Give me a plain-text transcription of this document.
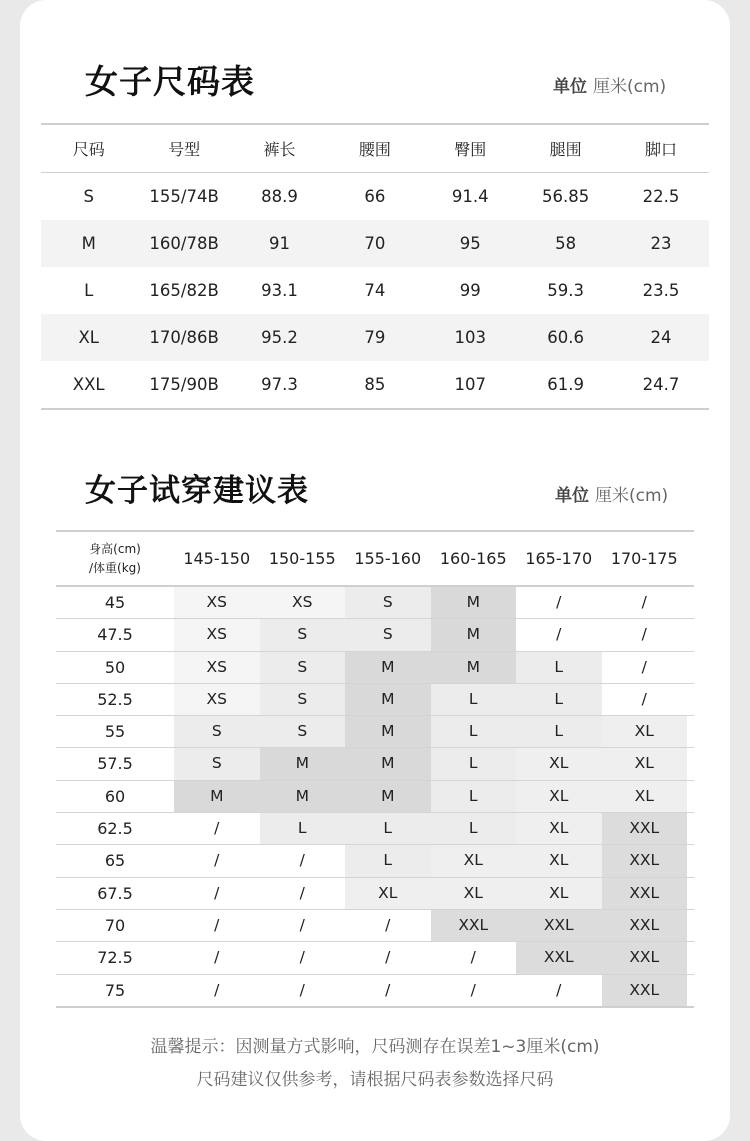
女子尺码表	单位 厘米(cm)
尺码	号型	裤长	腰围	臀围	腿围	脚口
S	155/74B	88.9	66	91.4	56.85	22.5
M	160/78B	91	70	95	58	23
L	165/82B	93.1	74	99	59.3	23.5
XL	170/86B	95.2	79	103	60.6	24
XXL	175/90B	97.3	85	107	61.9	24.7
女子试穿建议表	单位 厘米(cm)
身高(cm)
/体重(kg)	145-150	150-155	155-160	160-165	165-170	170-175
45	XS	XS	S	M	/	/
47.5	XS	S	S	M	/	/
50	XS	S	M	M	L	/
52.5	XS	S	M	L	L	/
55	S	S	M	L	L	XL
57.5	S	M	M	L	XL	XL
60	M	M	M	L	XL	XL
62.5	/	L	L	L	XL	XXL
65	/	/	L	XL	XL	XXL
67.5	/	/	XL	XL	XL	XXL
70	/	/	/	XXL	XXL	XXL
72.5	/	/	/	/	XXL	XXL
75	/	/	/	/	/	XXL
温馨提示：因测量方式影响，尺码测存在误差1~3厘米(cm)
尺码建议仅供参考，请根据尺码表参数选择尺码
